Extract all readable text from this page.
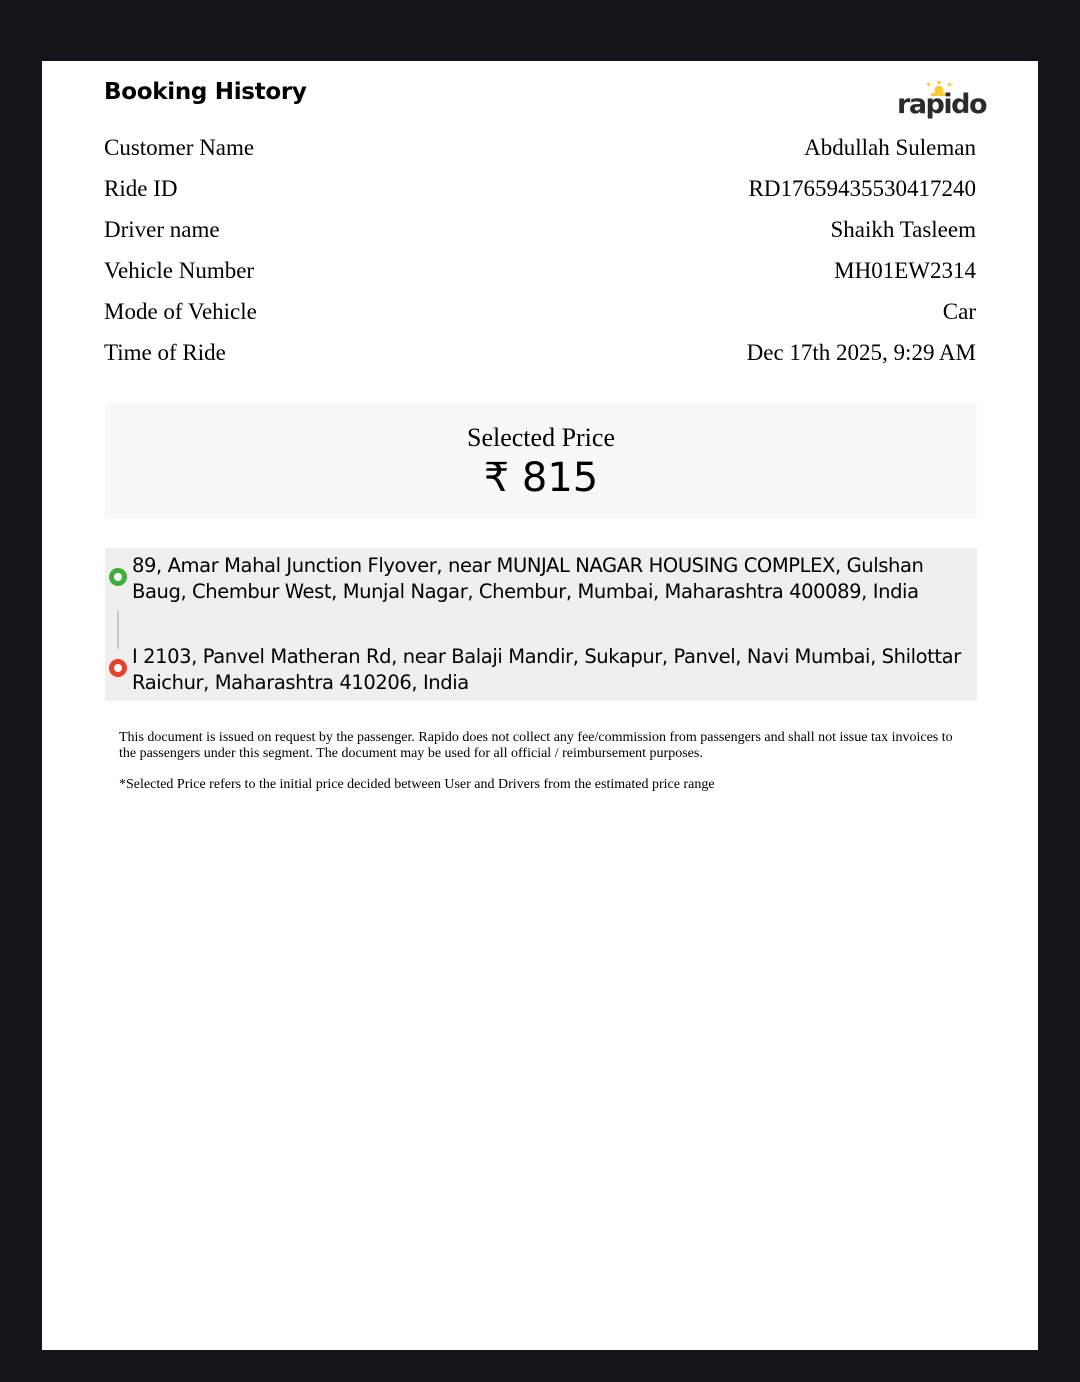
Booking History	rapido
Customer Name	Abdullah Suleman
Ride ID	RD17659435530417240
Driver name	Shaikh Tasleem
Vehicle Number	MH01EW2314
Mode of Vehicle	Car
Time of Ride	Dec 17th 2025, 9:29 AM
Selected Price
₹ 815
89, Amar Mahal Junction Flyover, near MUNJAL NAGAR HOUSING COMPLEX, Gulshan Baug, Chembur West, Munjal Nagar, Chembur, Mumbai, Maharashtra 400089, India
I 2103, Panvel Matheran Rd, near Balaji Mandir, Sukapur, Panvel, Navi Mumbai, Shilottar Raichur, Maharashtra 410206, India
This document is issued on request by the passenger. Rapido does not collect any fee/commission from passengers and shall not issue tax invoices to the passengers under this segment. The document may be used for all official / reimbursement purposes.
*Selected Price refers to the initial price decided between User and Drivers from the estimated price range
